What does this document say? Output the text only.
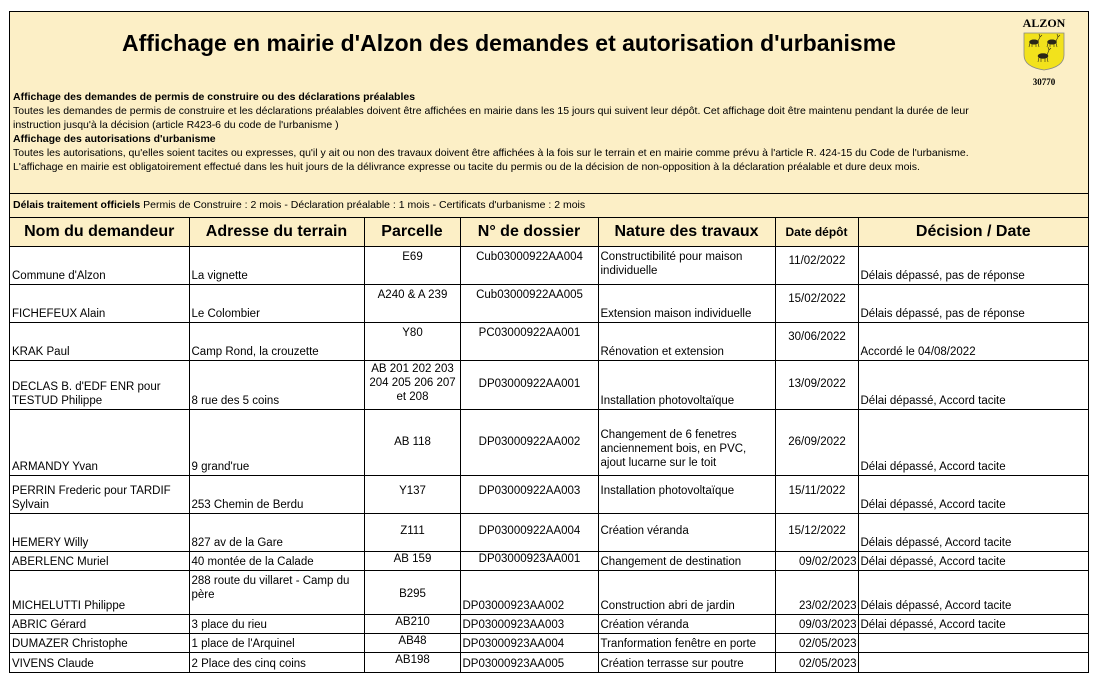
Affichage en mairie d'Alzon des demandes et autorisation d'urbanisme
ALZON
30770
Affichage des demandes de permis de construire ou des déclarations préalables
Toutes les demandes de permis de construire et les déclarations préalables doivent être affichées en mairie dans les 15 jours qui suivent leur dépôt. Cet affichage doit être maintenu pendant la durée de leur
instruction jusqu'à la décision (article R423-6 du code de l'urbanisme )
Affichage des autorisations d'urbanisme
Toutes les autorisations, qu'elles soient tacites ou expresses, qu'il y ait ou non des travaux doivent être affichées à la fois sur le terrain et en mairie comme prévu à l'article R. 424-15 du Code de l'urbanisme.
L'affichage en mairie est obligatoirement effectué dans les huit jours de la délivrance expresse ou tacite du permis ou de la décision de non-opposition à la déclaration préalable et dure deux mois.
Délais traitement officiels Permis de Construire : 2 mois - Déclaration préalable : 1 mois - Certificats d'urbanisme : 2 mois
Nom du demandeur	Adresse du terrain	Parcelle	N° de dossier	Nature des travaux	Date dépôt	Décision / Date
Commune d'Alzon	La vignette	E69	Cub03000922AA004	Constructibilité pour maison individuelle	11/02/2022	Délais dépassé, pas de réponse
FICHEFEUX Alain	Le Colombier	A240 & A 239	Cub03000922AA005	Extension maison individuelle	15/02/2022	Délais dépassé, pas de réponse
KRAK Paul	Camp Rond, la crouzette	Y80	PC03000922AA001	Rénovation et extension	30/06/2022	Accordé le 04/08/2022
DECLAS B. d'EDF ENR pour TESTUD Philippe	8 rue des 5 coins	AB 201 202 203 204 205 206 207 et 208	DP03000922AA001	Installation photovoltaïque	13/09/2022	Délai dépassé, Accord tacite
ARMANDY Yvan	9 grand'rue	AB 118	DP03000922AA002	Changement de 6 fenetres anciennement bois, en PVC, ajout lucarne sur le toit	26/09/2022	Délai dépassé, Accord tacite
PERRIN Frederic pour TARDIF Sylvain	253 Chemin de Berdu	Y137	DP03000922AA003	Installation photovoltaïque	15/11/2022	Délai dépassé, Accord tacite
HEMERY Willy	827 av de la Gare	Z111	DP03000922AA004	Création véranda	15/12/2022	Délais dépassé, Accord tacite
ABERLENC Muriel	40 montée de la Calade	AB 159	DP03000923AA001	Changement de destination	09/02/2023	Délai dépassé, Accord tacite
MICHELUTTI Philippe	288 route du villaret - Camp du père	B295	DP03000923AA002	Construction abri de jardin	23/02/2023	Délais dépassé, Accord tacite
ABRIC Gérard	3 place du rieu	AB210	DP03000923AA003	Création véranda	09/03/2023	Délai dépassé, Accord tacite
DUMAZER Christophe	1 place de l'Arquinel	AB48	DP03000923AA004	Tranformation fenêtre en porte	02/05/2023	
VIVENS Claude	2 Place des cinq coins	AB198	DP03000923AA005	Création terrasse sur poutre	02/05/2023	
